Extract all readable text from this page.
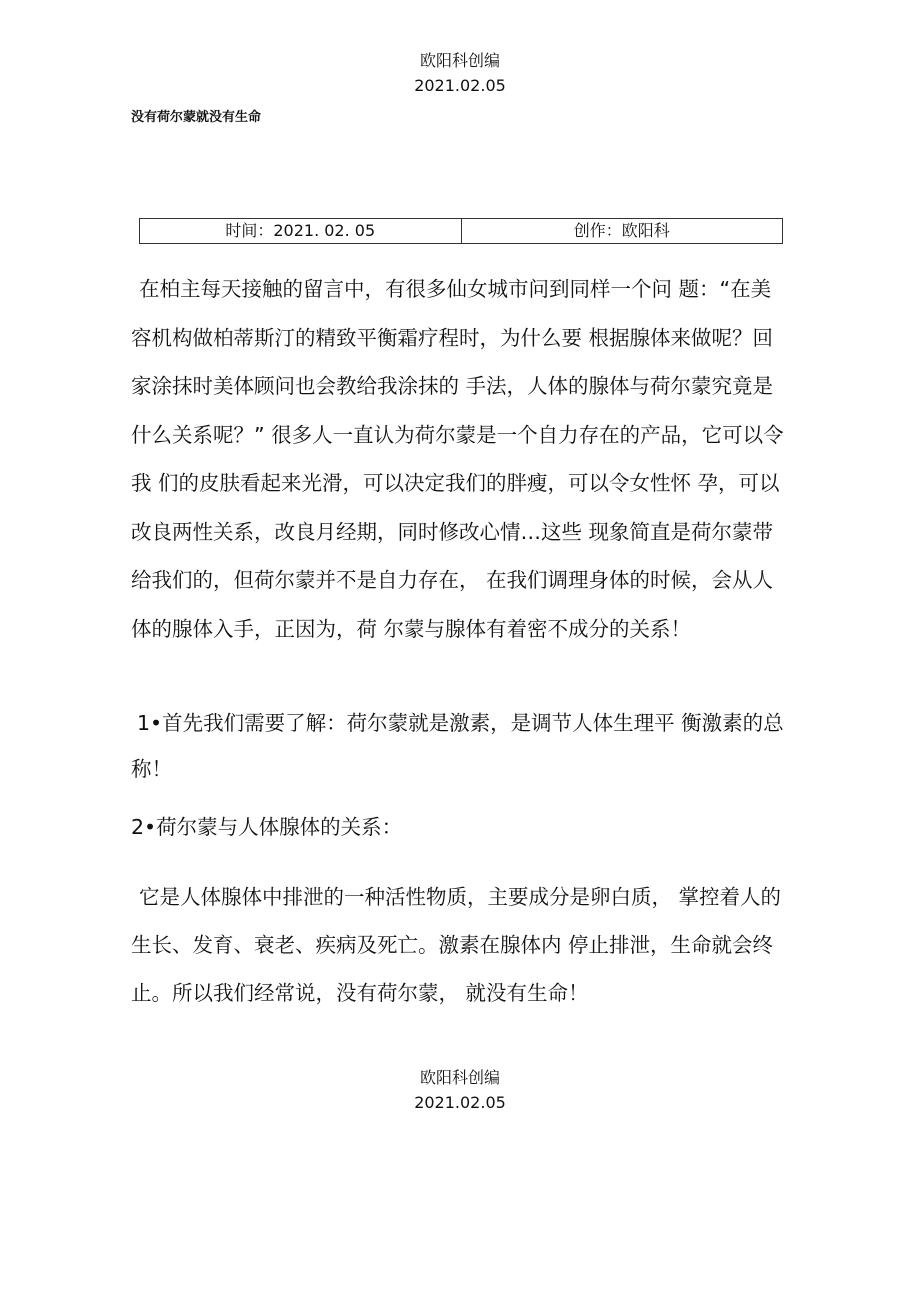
欧阳科创编
2021.02.05
没有荷尔蒙就没有生命
时间：2021. 02. 05	创作：欧阳科
在柏主每天接触的留言中，有很多仙女城市问到同样一个问 题：“在美容机构做柏蒂斯汀的精致平衡霜疗程时，为什么要 根据腺体来做呢？回家涂抹时美体顾问也会教给我涂抹的 手法，人体的腺体与荷尔蒙究竟是什么关系呢？” 很多人一直认为荷尔蒙是一个自力存在的产品，它可以令我 们的皮肤看起来光滑，可以决定我们的胖瘦，可以令女性怀 孕，可以改良两性关系，改良月经期，同时修改心情…这些 现象简直是荷尔蒙带给我们的，但荷尔蒙并不是自力存在， 在我们调理身体的时候，会从人体的腺体入手，正因为，荷 尔蒙与腺体有着密不成分的关系！
1•首先我们需要了解：荷尔蒙就是激素，是调节人体生理平 衡激素的总称！
2•荷尔蒙与人体腺体的关系：
它是人体腺体中排泄的一种活性物质，主要成分是卵白质， 掌控着人的生长、发育、衰老、疾病及死亡。激素在腺体内 停止排泄，生命就会终止。所以我们经常说，没有荷尔蒙， 就没有生命！
欧阳科创编
2021.02.05
